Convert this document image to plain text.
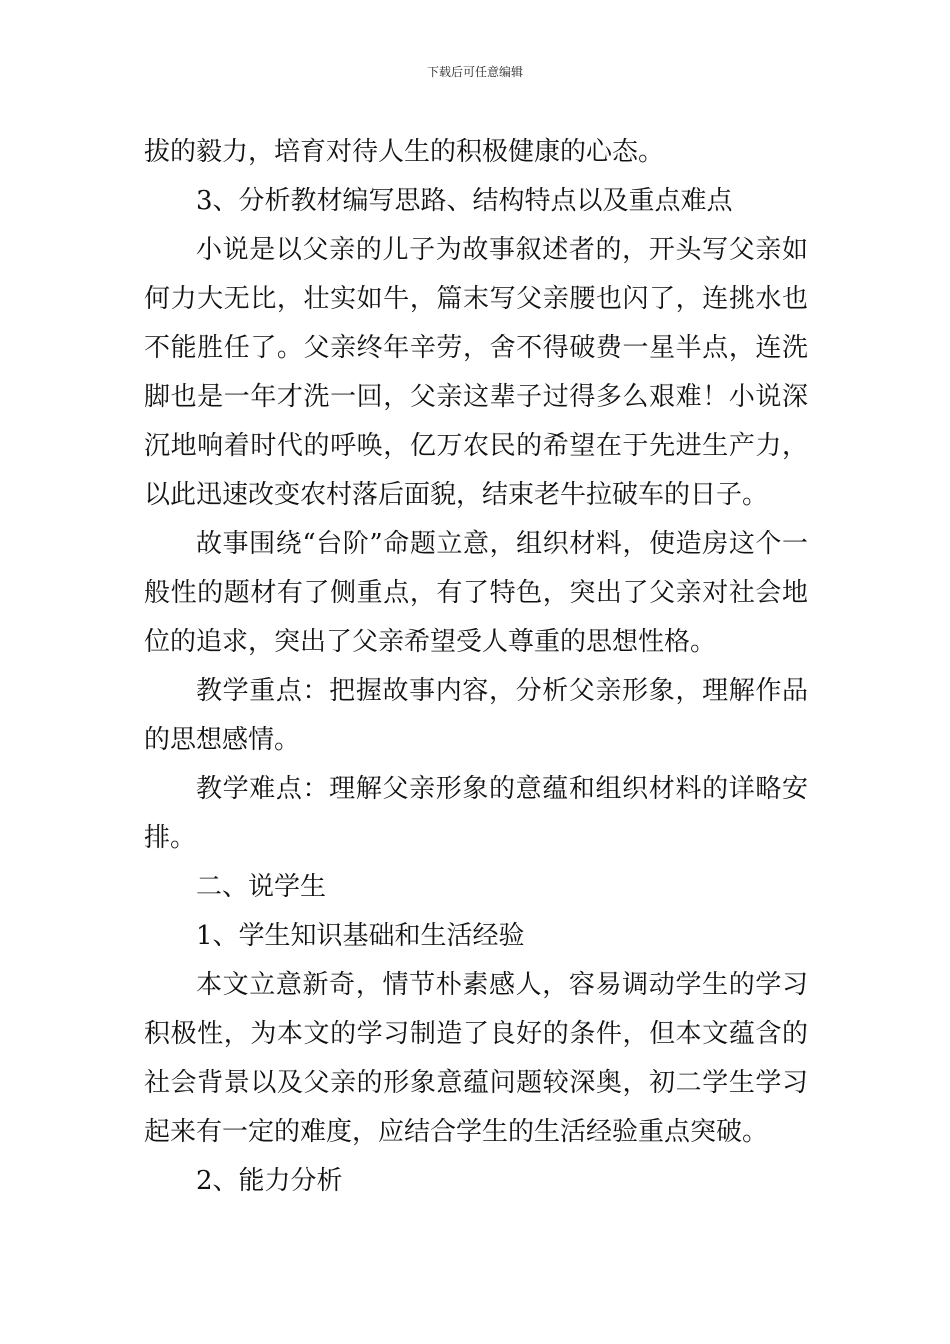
下载后可任意编辑

拔的毅力，培育对待人生的积极健康的心态。

3、分析教材编写思路、结构特点以及重点难点

小说是以父亲的儿子为故事叙述者的，开头写父亲如何力大无比，壮实如牛，篇末写父亲腰也闪了，连挑水也不能胜任了。父亲终年辛劳，舍不得破费一星半点，连洗脚也是一年才洗一回，父亲这辈子过得多么艰难！小说深沉地响着时代的呼唤，亿万农民的希望在于先进生产力，以此迅速改变农村落后面貌，结束老牛拉破车的日子。

故事围绕“台阶”命题立意，组织材料，使造房这个一般性的题材有了侧重点，有了特色，突出了父亲对社会地位的追求，突出了父亲希望受人尊重的思想性格。

教学重点：把握故事内容，分析父亲形象，理解作品的思想感情。

教学难点：理解父亲形象的意蕴和组织材料的详略安排。

二、说学生

1、学生知识基础和生活经验

本文立意新奇，情节朴素感人，容易调动学生的学习积极性，为本文的学习制造了良好的条件，但本文蕴含的社会背景以及父亲的形象意蕴问题较深奥，初二学生学习起来有一定的难度，应结合学生的生活经验重点突破。

2、能力分析
